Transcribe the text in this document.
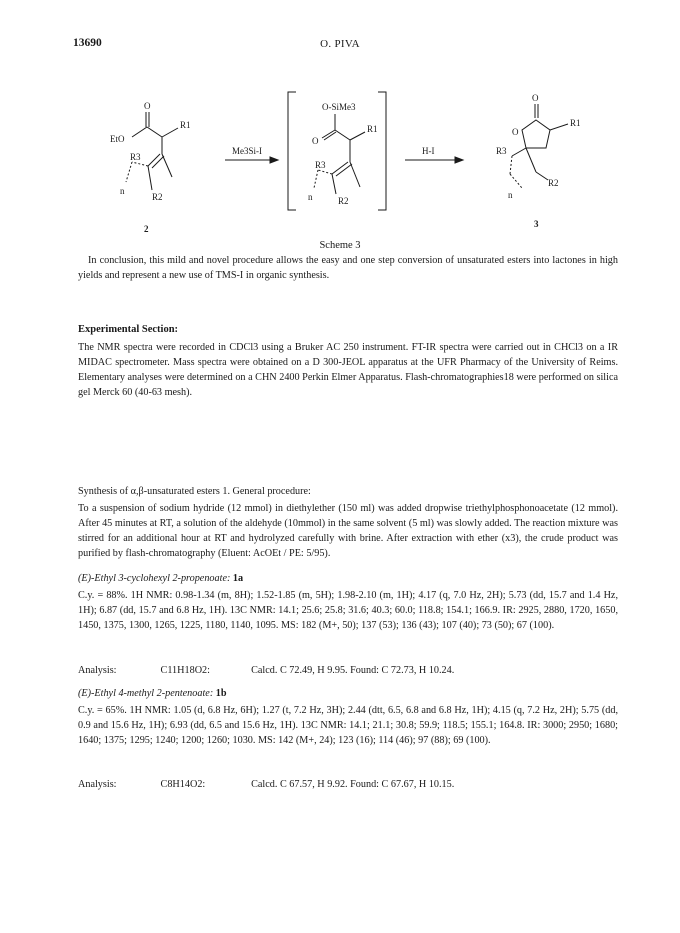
13690	O. PIVA
O
EtO
R1
R3
n
R2
2
Me3Si-I
O-SiMe3
O
R1
R3
n	R2
H-I
O
O
R1
R3
R2
n
3
Scheme 3

In conclusion, this mild and novel procedure allows the easy and one step conversion of unsaturated esters into lactones in high yields and represent a new use of TMS-I in organic synthesis.

Experimental Section:

The NMR spectra were recorded in CDCl3 using a Bruker AC 250 instrument. FT-IR spectra were carried out in CHCl3 on a IR MIDAC spectrometer. Mass spectra were obtained on a D 300-JEOL apparatus at the UFR Pharmacy of the University of Reims. Elementary analyses were determined on a CHN 2400 Perkin Elmer Apparatus. Flash-chromatographies18 were performed on silica gel Merck 60 (40-63 mesh).

Synthesis of α,β-unsaturated esters 1. General procedure:

To a suspension of sodium hydride (12 mmol) in diethylether (150 ml) was added dropwise triethylphosphonoacetate (12 mmol). After 45 minutes at RT, a solution of the aldehyde (10mmol) in the same solvent (5 ml) was slowly added. The reaction mixture was stirred for an additional hour at RT and hydrolyzed carefully with brine. After extraction with ether (x3), the crude product was purified by flash-chromatography (Eluent: AcOEt / PE: 5/95).

(E)-Ethyl 3-cyclohexyl 2-propenoate: 1a

C.y. = 88%. 1H NMR: 0.98-1.34 (m, 8H); 1.52-1.85 (m, 5H); 1.98-2.10 (m, 1H); 4.17 (q, 7.0 Hz, 2H); 5.73 (dd, 15.7 and 1.4 Hz, 1H); 6.87 (dd, 15.7 and 6.8 Hz, 1H). 13C NMR: 14.1; 25.6; 25.8; 31.6; 40.3; 60.0; 118.8; 154.1; 166.9. IR: 2925, 2880, 1720, 1650, 1450, 1375, 1300, 1265, 1225, 1180, 1140, 1095. MS: 182 (M+, 50); 137 (53); 136 (43); 107 (40); 73 (50); 67 (100).

Analysis:	C11H18O2:	Calcd. C 72.49, H 9.95. Found: C 72.73, H 10.24.
(E)-Ethyl 4-methyl 2-pentenoate: 1b

C.y. = 65%. 1H NMR: 1.05 (d, 6.8 Hz, 6H); 1.27 (t, 7.2 Hz, 3H); 2.44 (dtt, 6.5, 6.8 and 6.8 Hz, 1H); 4.15 (q, 7.2 Hz, 2H); 5.75 (dd, 0.9 and 15.6 Hz, 1H); 6.93 (dd, 6.5 and 15.6 Hz, 1H). 13C NMR: 14.1; 21.1; 30.8; 59.9; 118.5; 155.1; 164.8. IR: 3000; 2950; 1680; 1640; 1375; 1295; 1240; 1200; 1260; 1030. MS: 142 (M+, 24); 123 (16); 114 (46); 97 (88); 69 (100).

Analysis:	C8H14O2:	Calcd. C 67.57, H 9.92. Found: C 67.67, H 10.15.
